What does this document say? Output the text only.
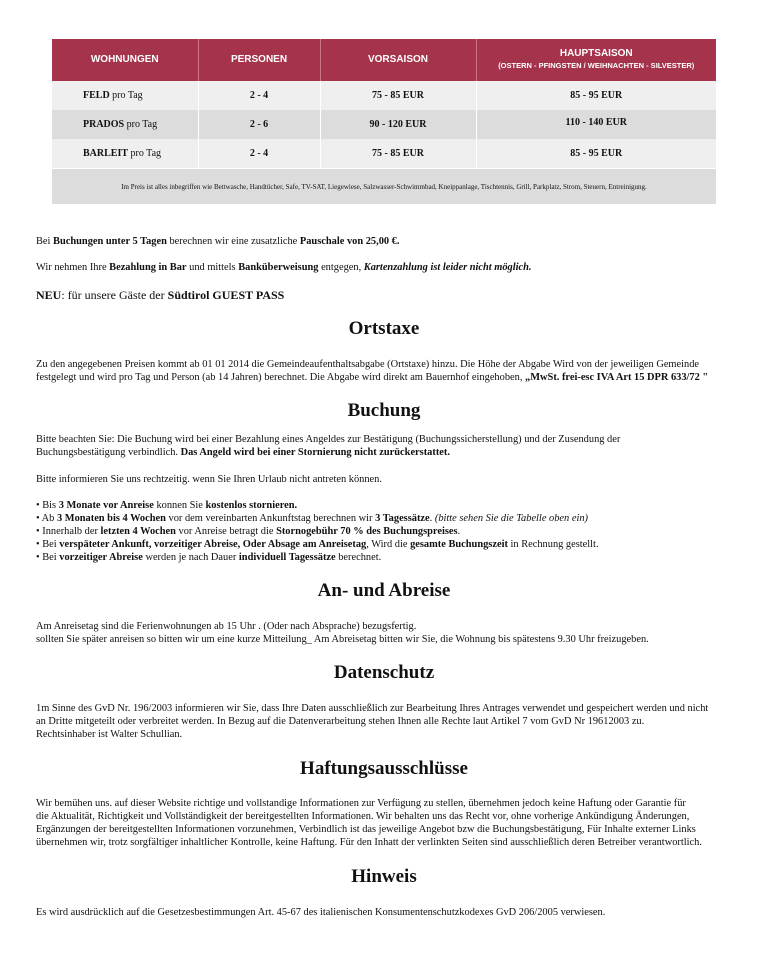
WOHNUNGEN	PERSONEN	VORSAISON	HAUPTSAISON
(OSTERN - PFINGSTEN / WEIHNACHTEN - SILVESTER)

FELD pro Tag	2 - 4	75 - 85 EUR	85 - 95 EUR
PRADOS pro Tag	2 - 6	90 - 120 EUR	110 - 140 EUR
BARLEIT pro Tag	2 - 4	75 - 85 EUR	85 - 95 EUR
Im Preis ist alles inbegriffen wie Bettwasche, Handtücher, Safe, TV-SAT, Liegewiese, Salzwasser-Schwimmbad, Kneippanlage, Tischtennis, Grill, Parkplatz, Strom, Steuern, Entreinigung.			

Bei Buchungen unter 5 Tagen berechnen wir eine zusatzliche Pauschale von 25,00 €.

Wir nehmen Ihre Bezahlung in Bar und mittels Banküberweisung entgegen, Kartenzahlung ist leider nicht möglich.

NEU: für unsere Gäste der Südtirol GUEST PASS

Ortstaxe

Zu den angegebenen Preisen kommt ab 01 01 2014 die Gemeindeaufenthaltsabgabe (Ortstaxe) hinzu. Die Höhe der Abgabe Wird von der jeweiligen Gemeinde
festgelegt und wird pro Tag und Person (ab 14 Jahren) berechnet. Die Abgabe wird direkt am Bauernhof eingehoben, „MwSt. frei-esc IVA Art 15 DPR 633/72 "

Buchung

Bitte beachten Sie: Die Buchung wird bei einer Bezahlung eines Angeldes zur Bestätigung (Buchungssicherstellung) und der Zusendung der
Buchungsbestätigung verbindlich. Das Angeld wird bei einer Stornierung nicht zurückerstattet.

Bitte informieren Sie uns rechtzeitig. wenn Sie Ihren Urlaub nicht antreten können.

• Bis 3 Monate vor Anreise konnen Sie kostenlos stornieren.
• Ab 3 Monaten bis 4 Wochen vor dem vereinbarten Ankunftstag berechnen wir 3 Tagessätze. (bitte sehen Sie die Tabelle oben ein)
• Innerhalb der letzten 4 Wochen vor Anreise betragt die Stornogebühr 70 % des Buchungspreises.
• Bei verspäteter Ankunft, vorzeitiger Abreise, Oder Absage am Anreisetag, Wird die gesamte Buchungszeit in Rechnung gestellt.
• Bei vorzeitiger Abreise werden je nach Dauer individuell Tagessätze berechnet.

An- und Abreise

Am Anreisetag sind die Ferienwohnungen ab 15 Uhr . (Oder nach Absprache) bezugsfertig.
sollten Sie später anreisen so bitten wir um eine kurze Mitteilung_ Am Abreisetag bitten wir Sie, die Wohnung bis spätestens 9.30 Uhr freizugeben.

Datenschutz

1m Sinne des GvD Nr. 196/2003 informieren wir Sie, dass Ihre Daten ausschließlich zur Bearbeitung Ihres Antrages verwendet und gespeichert werden und nicht
an Dritte mitgeteilt oder verbreitet werden. In Bezug auf die Datenverarbeitung stehen Ihnen alle Rechte laut Artikel 7 vom GvD Nr 19612003 zu.
Rechtsinhaber ist Walter Schullian.

Haftungsausschlüsse

Wir bemühen uns. auf dieser Website richtige und vollstandige Informationen zur Verfügung zu stellen, übernehmen jedoch keine Haftung oder Garantie für
die Aktualität, Richtigkeit und Vollständigkeit der bereitgestellten Informationen. Wir behalten uns das Recht vor, ohne vorherige Ankündigung Änderungen,
Ergänzungen der bereitgestellten Informationen vorzunehmen, Verbindlich ist das jeweilige Angebot bzw die Buchungsbestätigung, Für Inhalte externer Links
übernehmen wir, trotz sorgfältiger inhaltlicher Kontrolle, keine Haftung. Für den Inhatt der verlinkten Seiten sind ausschließlich deren Betreiber verantwortlich.

Hinweis

Es wird ausdrücklich auf die Gesetzesbestimmungen Art. 45-67 des italienischen Konsumentenschutzkodexes GvD 206/2005 verwiesen.
